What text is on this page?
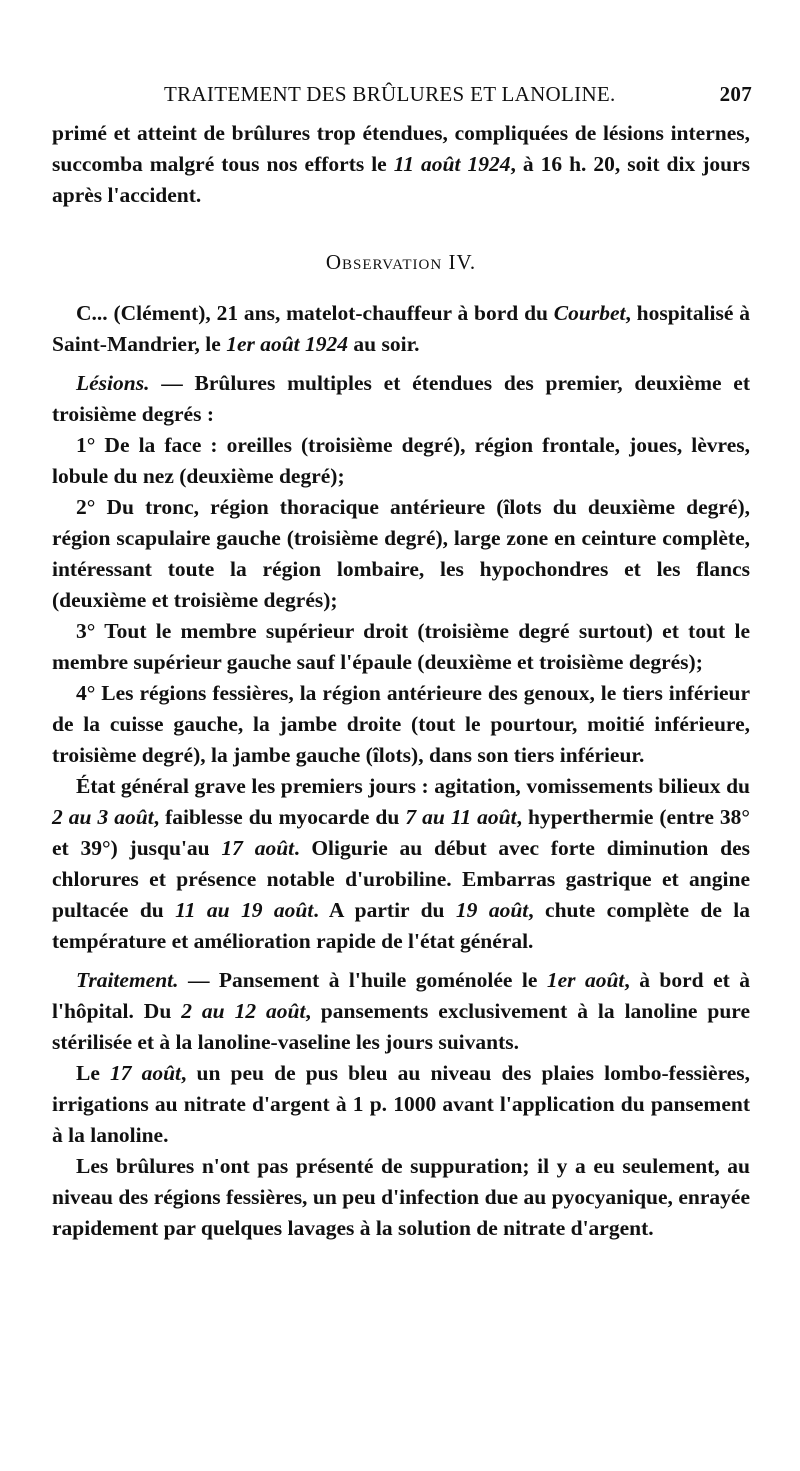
TRAITEMENT DES BRÛLURES ET LANOLINE.	207

primé et atteint de brûlures trop étendues, compliquées de lésions internes, succomba malgré tous nos efforts le 11 août 1924, à 16 h. 20, soit dix jours après l'accident.

Observation IV.

C... (Clément), 21 ans, matelot-chauffeur à bord du Courbet, hospitalisé à Saint-Mandrier, le 1er août 1924 au soir.

Lésions. — Brûlures multiples et étendues des premier, deuxième et troisième degrés :

1° De la face : oreilles (troisième degré), région frontale, joues, lèvres, lobule du nez (deuxième degré);

2° Du tronc, région thoracique antérieure (îlots du deuxième degré), région scapulaire gauche (troisième degré), large zone en ceinture complète, intéressant toute la région lombaire, les hypochondres et les flancs (deuxième et troisième degrés);

3° Tout le membre supérieur droit (troisième degré surtout) et tout le membre supérieur gauche sauf l'épaule (deuxième et troisième degrés);

4° Les régions fessières, la région antérieure des genoux, le tiers inférieur de la cuisse gauche, la jambe droite (tout le pourtour, moitié inférieure, troisième degré), la jambe gauche (îlots), dans son tiers inférieur.

État général grave les premiers jours : agitation, vomissements bilieux du 2 au 3 août, faiblesse du myocarde du 7 au 11 août, hyperthermie (entre 38° et 39°) jusqu'au 17 août. Oligurie au début avec forte diminution des chlorures et présence notable d'urobiline. Embarras gastrique et angine pultacée du 11 au 19 août. A partir du 19 août, chute complète de la température et amélioration rapide de l'état général.

Traitement. — Pansement à l'huile goménolée le 1er août, à bord et à l'hôpital. Du 2 au 12 août, pansements exclusivement à la lanoline pure stérilisée et à la lanoline-vaseline les jours suivants.

Le 17 août, un peu de pus bleu au niveau des plaies lombo-fessières, irrigations au nitrate d'argent à 1 p. 1000 avant l'application du pansement à la lanoline.

Les brûlures n'ont pas présenté de suppuration; il y a eu seulement, au niveau des régions fessières, un peu d'infection due au pyocyanique, enrayée rapidement par quelques lavages à la solution de nitrate d'argent.
